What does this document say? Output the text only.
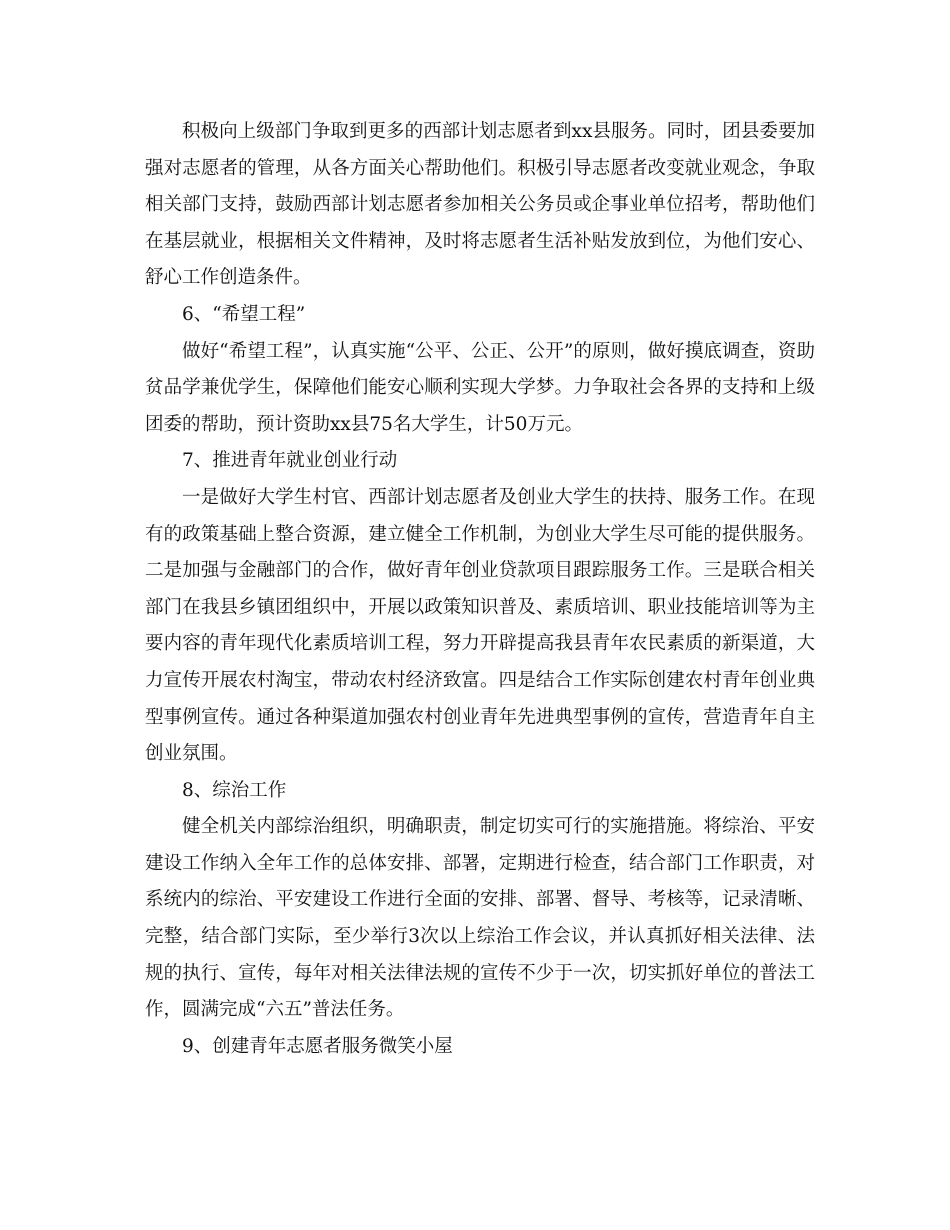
积极向上级部门争取到更多的西部计划志愿者到xx县服务。同时，团县委要加强对志愿者的管理，从各方面关心帮助他们。积极引导志愿者改变就业观念，争取相关部门支持，鼓励西部计划志愿者参加相关公务员或企事业单位招考，帮助他们在基层就业，根据相关文件精神，及时将志愿者生活补贴发放到位，为他们安心、舒心工作创造条件。

6、“希望工程”

做好“希望工程”，认真实施“公平、公正、公开”的原则，做好摸底调查，资助贫品学兼优学生，保障他们能安心顺利实现大学梦。力争取社会各界的支持和上级团委的帮助，预计资助xx县75名大学生，计50万元。

7、推进青年就业创业行动

一是做好大学生村官、西部计划志愿者及创业大学生的扶持、服务工作。在现有的政策基础上整合资源，建立健全工作机制，为创业大学生尽可能的提供服务。二是加强与金融部门的合作，做好青年创业贷款项目跟踪服务工作。三是联合相关部门在我县乡镇团组织中，开展以政策知识普及、素质培训、职业技能培训等为主要内容的青年现代化素质培训工程，努力开辟提高我县青年农民素质的新渠道，大力宣传开展农村淘宝，带动农村经济致富。四是结合工作实际创建农村青年创业典型事例宣传。通过各种渠道加强农村创业青年先进典型事例的宣传，营造青年自主创业氛围。

8、综治工作

健全机关内部综治组织，明确职责，制定切实可行的实施措施。将综治、平安建设工作纳入全年工作的总体安排、部署，定期进行检查，结合部门工作职责，对系统内的综治、平安建设工作进行全面的安排、部署、督导、考核等，记录清晰、完整，结合部门实际，至少举行3次以上综治工作会议，并认真抓好相关法律、法规的执行、宣传，每年对相关法律法规的宣传不少于一次，切实抓好单位的普法工作，圆满完成“六五”普法任务。

9、创建青年志愿者服务微笑小屋
